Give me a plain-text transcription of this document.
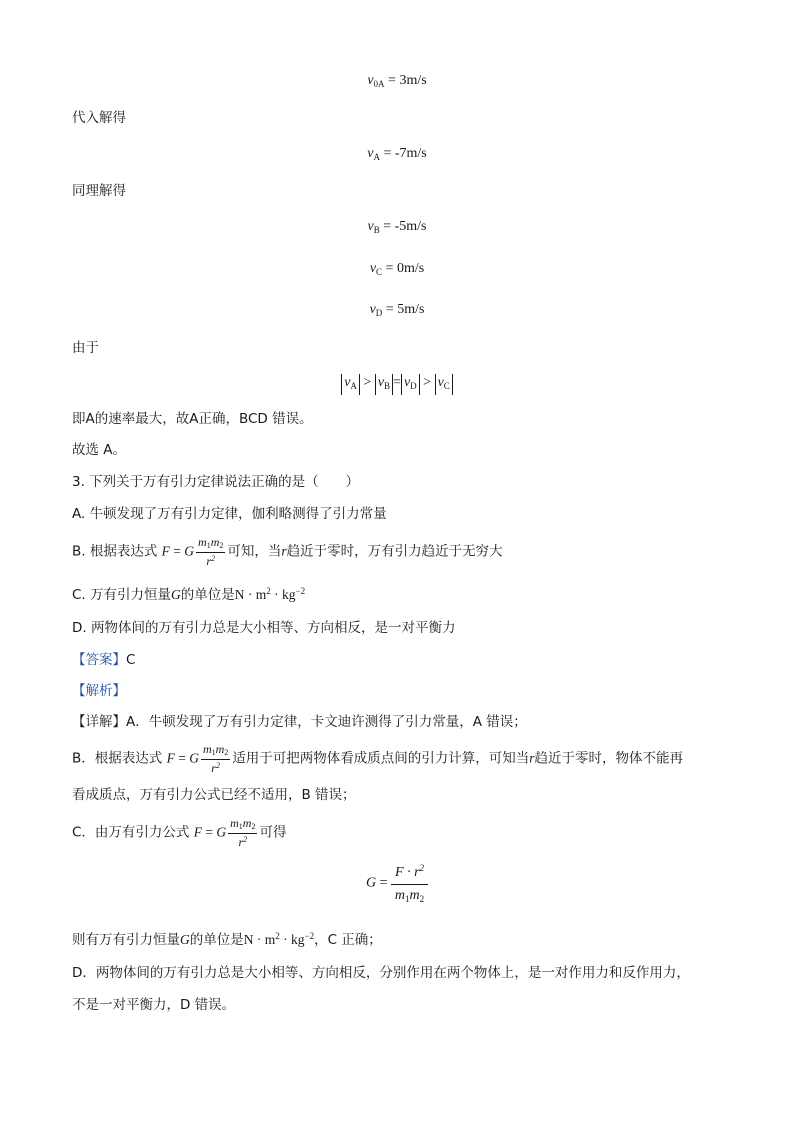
$v_{0A} = 3m/s$
代入解得
$v_A = -7m/s$
同理解得
$v_B = -5m/s$
$v_C = 0m/s$
$v_D = 5m/s$
由于
$v_A > v_B = v_D > v_C$
即A的速率最大，故A正确，BCD 错误。
故选 A。
3. 下列关于万有引力定律说法正确的是（　　）
A. 牛顿发现了万有引力定律，伽利略测得了引力常量
B. 根据表达式 F = G $\frac{m_1m_2}{r^2}$ 可知，当r趋近于零时，万有引力趋近于无穷大
C. 万有引力恒量G的单位是$N \cdot m^2 \cdot kg^{-2}$
D. 两物体间的万有引力总是大小相等、方向相反，是一对平衡力
【答案】C
【解析】
【详解】A．牛顿发现了万有引力定律，卡文迪许测得了引力常量，A 错误；
B．根据表达式 F = G $\frac{m_1m_2}{r^2}$ 适用于可把两物体看成质点间的引力计算，可知当r趋近于零时，物体不能再
看成质点，万有引力公式已经不适用，B 错误；
C．由万有引力公式 F = G $\frac{m_1m_2}{r^2}$ 可得
$G = \frac{F \cdot r^2}{m_1m_2}$
则有万有引力恒量G的单位是$N \cdot m^2 \cdot kg^{-2}$，C 正确；
D．两物体间的万有引力总是大小相等、方向相反，分别作用在两个物体上，是一对作用力和反作用力，
不是一对平衡力，D 错误。
